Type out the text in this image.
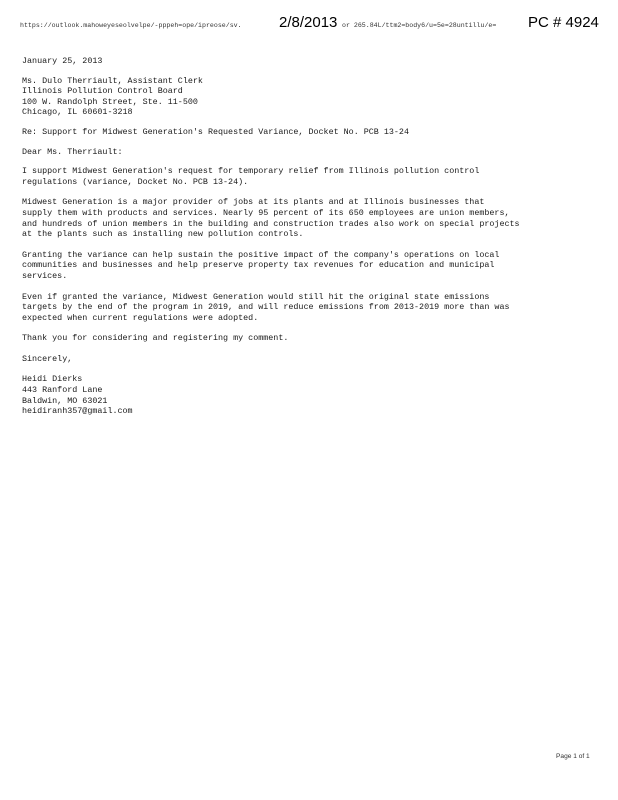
https://outlook.mahoweyeseolvelpe/-pppeh=ope/ipreose/sv. 2/8/2013 or 265.84L/ttm2=body6/u=5e=28untillu/e= PC # 4924
January 25, 2013
Ms. Dulo Therriault, Assistant Clerk
Illinois Pollution Control Board
100 W. Randolph Street, Ste. 11-500
Chicago, IL 60601-3218
Re: Support for Midwest Generation's Requested Variance, Docket No. PCB 13-24
Dear Ms. Therriault:
I support Midwest Generation's request for temporary relief from Illinois pollution control
regulations (variance, Docket No. PCB 13-24).
Midwest Generation is a major provider of jobs at its plants and at Illinois businesses that
supply them with products and services. Nearly 95 percent of its 650 employees are union members,
and hundreds of union members in the building and construction trades also work on special projects
at the plants such as installing new pollution controls.
Granting the variance can help sustain the positive impact of the company's operations on local
communities and businesses and help preserve property tax revenues for education and municipal
services.
Even if granted the variance, Midwest Generation would still hit the original state emissions
targets by the end of the program in 2019, and will reduce emissions from 2013-2019 more than was
expected when current regulations were adopted.
Thank you for considering and registering my comment.
Sincerely,
Heidi Dierks
443 Ranford Lane
Baldwin, MO 63021
heidiranh357@gmail.com
Page 1 of 1
